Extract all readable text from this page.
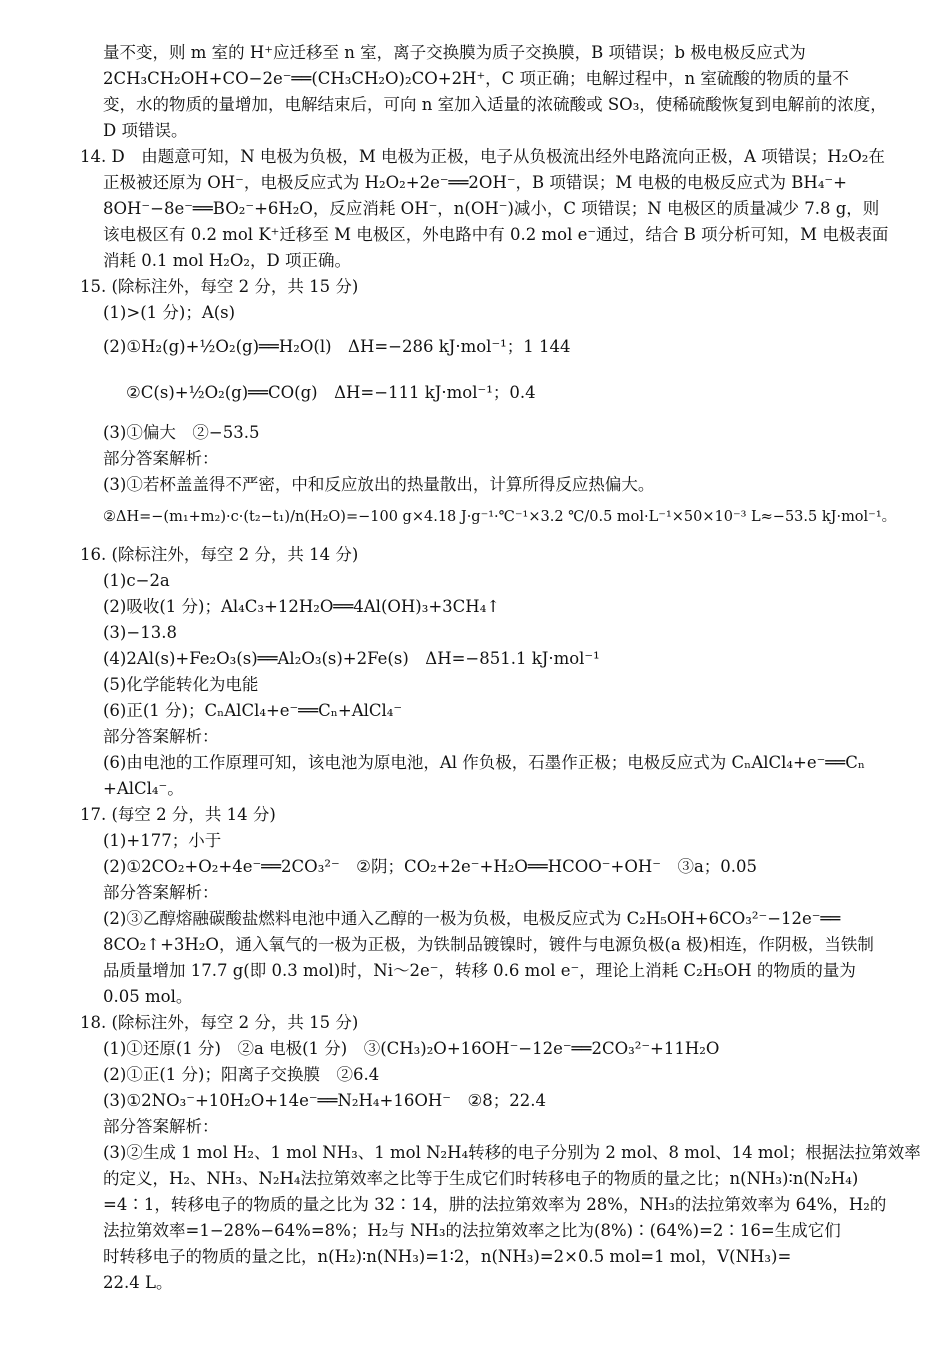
量不变，则 m 室的 H⁺应迁移至 n 室，离子交换膜为质子交换膜，B 项错误；b 极电极反应式为
2CH₃CH₂OH+CO−2e⁻══(CH₃CH₂O)₂CO+2H⁺，C 项正确；电解过程中，n 室硫酸的物质的量不
变，水的物质的量增加，电解结束后，可向 n 室加入适量的浓硫酸或 SO₃，使稀硫酸恢复到电解前的浓度，
D 项错误。
14. D　由题意可知，N 电极为负极，M 电极为正极，电子从负极流出经外电路流向正极，A 项错误；H₂O₂在
正极被还原为 OH⁻，电极反应式为 H₂O₂+2e⁻══2OH⁻，B 项错误；M 电极的电极反应式为 BH₄⁻+
8OH⁻−8e⁻══BO₂⁻+6H₂O，反应消耗 OH⁻，n(OH⁻)减小，C 项错误；N 电极区的质量减少 7.8 g，则
该电极区有 0.2 mol K⁺迁移至 M 电极区，外电路中有 0.2 mol e⁻通过，结合 B 项分析可知，M 电极表面
消耗 0.1 mol H₂O₂，D 项正确。
15. (除标注外，每空 2 分，共 15 分)
(1)>(1 分)；A(s)
(2)①H₂(g)+½O₂(g)══H₂O(l)　ΔH=−286 kJ·mol⁻¹；1 144
②C(s)+½O₂(g)══CO(g)　ΔH=−111 kJ·mol⁻¹；0.4
(3)①偏大　②−53.5
部分答案解析：
(3)①若杯盖盖得不严密，中和反应放出的热量散出，计算所得反应热偏大。
②ΔH=−(m₁+m₂)·c·(t₂−t₁)/n(H₂O)=−100 g×4.18 J·g⁻¹·℃⁻¹×3.2 ℃/0.5 mol·L⁻¹×50×10⁻³ L≈−53.5 kJ·mol⁻¹。
16. (除标注外，每空 2 分，共 14 分)
(1)c−2a
(2)吸收(1 分)；Al₄C₃+12H₂O══4Al(OH)₃+3CH₄↑
(3)−13.8
(4)2Al(s)+Fe₂O₃(s)══Al₂O₃(s)+2Fe(s)　ΔH=−851.1 kJ·mol⁻¹
(5)化学能转化为电能
(6)正(1 分)；CₙAlCl₄+e⁻══Cₙ+AlCl₄⁻
部分答案解析：
(6)由电池的工作原理可知，该电池为原电池，Al 作负极，石墨作正极；电极反应式为 CₙAlCl₄+e⁻══Cₙ
+AlCl₄⁻。
17. (每空 2 分，共 14 分)
(1)+177；小于
(2)①2CO₂+O₂+4e⁻══2CO₃²⁻　②阴；CO₂+2e⁻+H₂O══HCOO⁻+OH⁻　③a；0.05
部分答案解析：
(2)③乙醇熔融碳酸盐燃料电池中通入乙醇的一极为负极，电极反应式为 C₂H₅OH+6CO₃²⁻−12e⁻══
8CO₂↑+3H₂O，通入氧气的一极为正极，为铁制品镀镍时，镀件与电源负极(a 极)相连，作阴极，当铁制
品质量增加 17.7 g(即 0.3 mol)时，Ni～2e⁻，转移 0.6 mol e⁻，理论上消耗 C₂H₅OH 的物质的量为
0.05 mol。
18. (除标注外，每空 2 分，共 15 分)
(1)①还原(1 分)　②a 电极(1 分)　③(CH₃)₂O+16OH⁻−12e⁻══2CO₃²⁻+11H₂O
(2)①正(1 分)；阳离子交换膜　②6.4
(3)①2NO₃⁻+10H₂O+14e⁻══N₂H₄+16OH⁻　②8；22.4
部分答案解析：
(3)②生成 1 mol H₂、1 mol NH₃、1 mol N₂H₄转移的电子分别为 2 mol、8 mol、14 mol；根据法拉第效率
的定义，H₂、NH₃、N₂H₄法拉第效率之比等于生成它们时转移电子的物质的量之比；n(NH₃)∶n(N₂H₄)
=4∶1，转移电子的物质的量之比为 32∶14，肼的法拉第效率为 28%，NH₃的法拉第效率为 64%，H₂的
法拉第效率=1−28%−64%=8%；H₂与 NH₃的法拉第效率之比为(8%)∶(64%)=2∶16=生成它们
时转移电子的物质的量之比，n(H₂)∶n(NH₃)=1∶2，n(NH₃)=2×0.5 mol=1 mol，V(NH₃)=
22.4 L。
